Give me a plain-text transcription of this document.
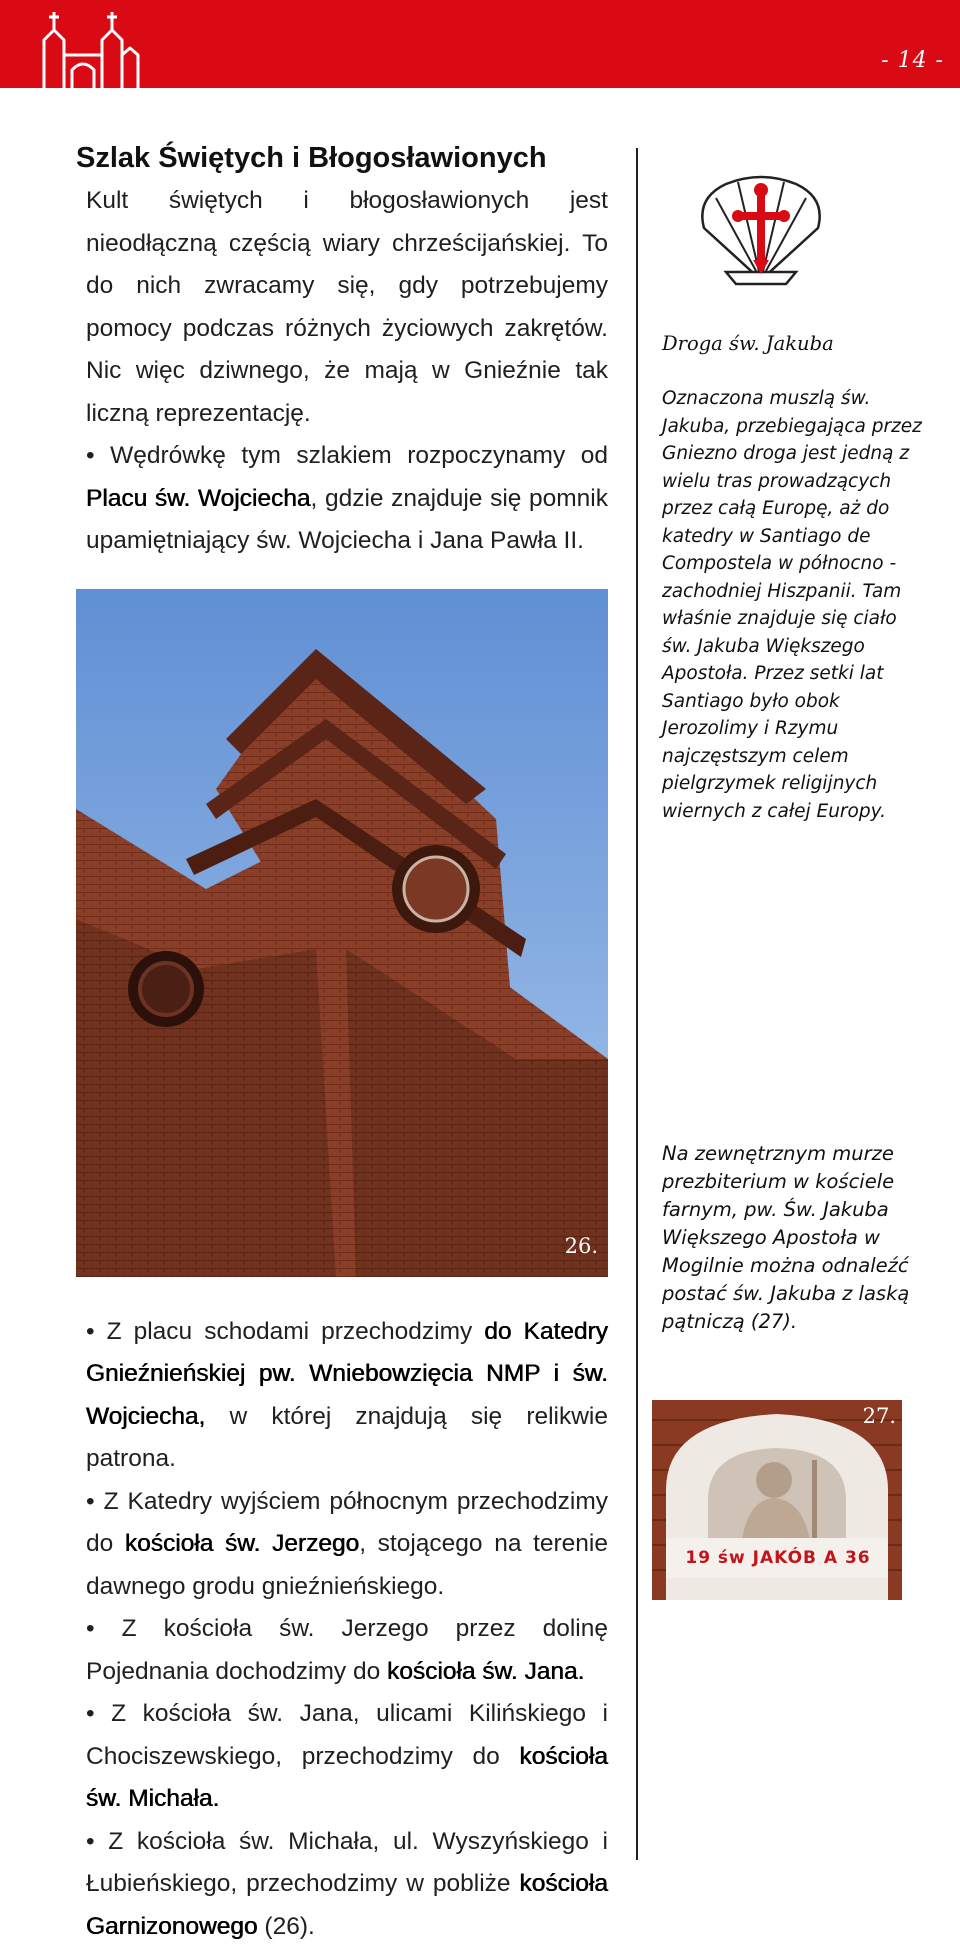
- 14 -
Szlak Świętych i Błogosławionych

Kult świętych i błogosławionych jest nieodłączną częścią wiary chrześcijańskiej. To do nich zwracamy się, gdy potrzebujemy pomocy podczas różnych życiowych zakrętów. Nic więc dziwnego, że mają w Gnieźnie tak liczną reprezentację.

• Wędrówkę tym szlakiem rozpoczynamy od Placu św. Wojciecha, gdzie znajduje się pomnik upamiętniający św. Wojciecha i Jana Pawła II.

26.

• Z placu schodami przechodzimy do Katedry Gnieźnieńskiej pw. Wniebowzięcia NMP i św. Wojciecha, w której znajdują się relikwie patrona.

• Z Katedry wyjściem północnym przechodzimy do kościoła św. Jerzego, stojącego na terenie dawnego grodu gnieźnieńskiego.

• Z kościoła św. Jerzego przez dolinę Pojednania dochodzimy do kościoła św. Jana.

• Z kościoła św. Jana, ulicami Kilińskiego i Chociszewskiego, przechodzimy do kościoła św. Michała.

• Z kościoła św. Michała, ul. Wyszyńskiego i Łubieńskiego, przechodzimy w pobliże kościoła Garnizonowego (26).

Droga św. Jakuba

Oznaczona muszlą św. Jakuba, przebiegająca przez Gniezno droga jest jedną z wielu tras prowadzących przez całą Europę, aż do katedry w Santiago de Compostela w północno - zachodniej Hiszpanii. Tam właśnie znajduje się ciało św. Jakuba Większego Apostoła. Przez setki lat Santiago było obok Jerozolimy i Rzymu najczęstszym celem pielgrzymek religijnych wiernych z całej Europy.

Na zewnętrznym murze prezbiterium w kościele farnym, pw. Św. Jakuba Większego Apostoła w Mogilnie można odnaleźć postać św. Jakuba z laską pątniczą (27).

27.
19 św JAKÓB A 36
